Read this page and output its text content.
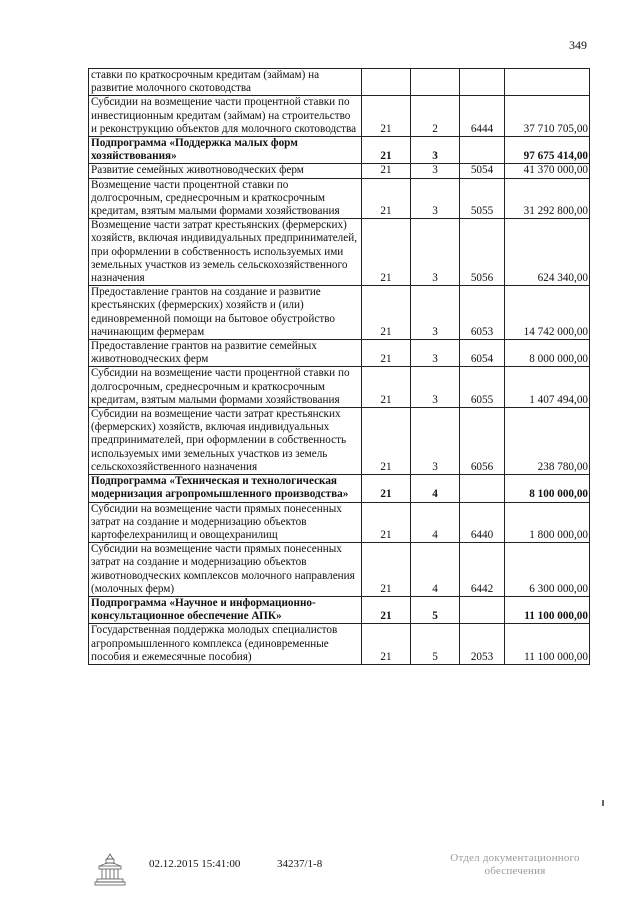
349
ставки по краткосрочным кредитам (займам) на развитие молочного скотоводства				
Субсидии на возмещение части процентной ставки по инвестиционным кредитам (займам) на строительство и реконструкцию объектов для молочного скотоводства	21	2	6444	37 710 705,00
Подпрограмма «Поддержка малых форм хозяйствования»	21	3		97 675 414,00
Развитие семейных животноводческих ферм	21	3	5054	41 370 000,00
Возмещение части процентной ставки по долгосрочным, среднесрочным и краткосрочным кредитам, взятым малыми формами хозяйствования	21	3	5055	31 292 800,00
Возмещение части затрат крестьянских (фермерских) хозяйств, включая индивидуальных предпринимателей, при оформлении в собственность используемых ими земельных участков из земель сельскохозяйственного назначения	21	3	5056	624 340,00
Предоставление грантов на создание и развитие крестьянских (фермерских) хозяйств и (или) единовременной помощи на бытовое обустройство начинающим фермерам	21	3	6053	14 742 000,00
Предоставление грантов на развитие семейных животноводческих ферм	21	3	6054	8 000 000,00
Субсидии на возмещение части процентной ставки по долгосрочным, среднесрочным и краткосрочным кредитам, взятым малыми формами хозяйствования	21	3	6055	1 407 494,00
Субсидии на возмещение части затрат крестьянских (фермерских) хозяйств, включая индивидуальных предпринимателей, при оформлении в собственность используемых ими земельных участков из земель сельскохозяйственного назначения	21	3	6056	238 780,00
Подпрограмма «Техническая и технологическая модернизация агропромышленного производства»	21	4		8 100 000,00
Субсидии на возмещение части прямых понесенных затрат на создание и модернизацию объектов картофелехранилищ и овощехранилищ	21	4	6440	1 800 000,00
Субсидии на возмещение части прямых понесенных затрат на создание и модернизацию объектов животноводческих комплексов молочного направления (молочных ферм)	21	4	6442	6 300 000,00
Подпрограмма «Научное и информационно-консультационное обеспечение АПК»	21	5		11 100 000,00
Государственная поддержка молодых специалистов агропромышленного комплекса (единовременные пособия и ежемесячные пособия)	21	5	2053	11 100 000,00
02.12.2015 15:41:00	34237/1-8	Отдел документационного
обеспечения
